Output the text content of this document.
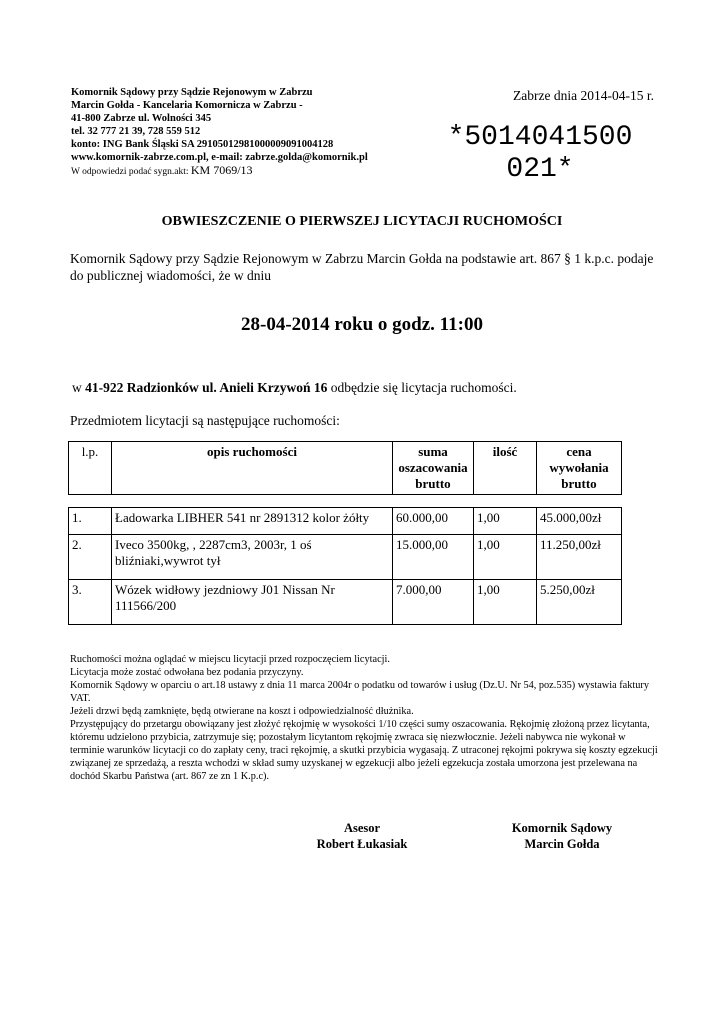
Komornik Sądowy przy Sądzie Rejonowym w Zabrzu
Marcin Gołda - Kancelaria Komornicza w Zabrzu -
41-800 Zabrze ul. Wolności 345
tel. 32 777 21 39, 728 559 512
konto: ING Bank Śląski SA 29105012981000009091004128
www.komornik-zabrze.com.pl, e-mail: zabrze.golda@komornik.pl
W odpowiedzi podać sygn.akt: KM 7069/13
Zabrze dnia 2014-04-15 r.
*5014041500
021*
OBWIESZCZENIE O PIERWSZEJ LICYTACJI RUCHOMOŚCI
Komornik Sądowy przy Sądzie Rejonowym w Zabrzu Marcin Gołda na podstawie art. 867 § 1 k.p.c. podaje do publicznej wiadomości, że w dniu
28-04-2014 roku o godz. 11:00
w 41-922 Radzionków ul. Anieli Krzywoń 16 odbędzie się licytacja ruchomości.
Przedmiotem licytacji są następujące ruchomości:
l.p.	opis ruchomości	suma oszacowania brutto	ilość	cena wywołania brutto
1.	Ładowarka LIBHER 541 nr 2891312 kolor żółty	60.000,00	1,00	45.000,00zł
2.	Iveco 3500kg, , 2287cm3, 2003r, 1 oś bliźniaki,wywrot tył	15.000,00	1,00	11.250,00zł
3.	Wózek widłowy jezdniowy J01 Nissan Nr 111566/200	7.000,00	1,00	5.250,00zł

Ruchomości można oglądać w miejscu licytacji przed rozpoczęciem licytacji.

Licytacja może zostać odwołana bez podania przyczyny.

Komornik Sądowy w oparciu o art.18 ustawy z dnia 11 marca 2004r o podatku od towarów i usług (Dz.U. Nr 54, poz.535) wystawia faktury VAT.

Jeżeli drzwi będą zamknięte, będą otwierane na koszt i odpowiedzialność dłużnika.

Przystępujący do przetargu obowiązany jest złożyć rękojmię w wysokości 1/10 części sumy oszacowania. Rękojmię złożoną przez licytanta, któremu udzielono przybicia, zatrzymuje się; pozostałym licytantom rękojmię zwraca się niezwłocznie. Jeżeli nabywca nie wykonał w terminie warunków licytacji co do zapłaty ceny, traci rękojmię, a skutki przybicia wygasają. Z utraconej rękojmi pokrywa się koszty egzekucji związanej ze sprzedażą, a reszta wchodzi w skład sumy uzyskanej w egzekucji albo jeżeli egzekucja została umorzona jest przelewana na dochód Skarbu Państwa (art. 867 ze zn 1 K.p.c).

Asesor
Robert Łukasiak
Komornik Sądowy
Marcin Gołda
